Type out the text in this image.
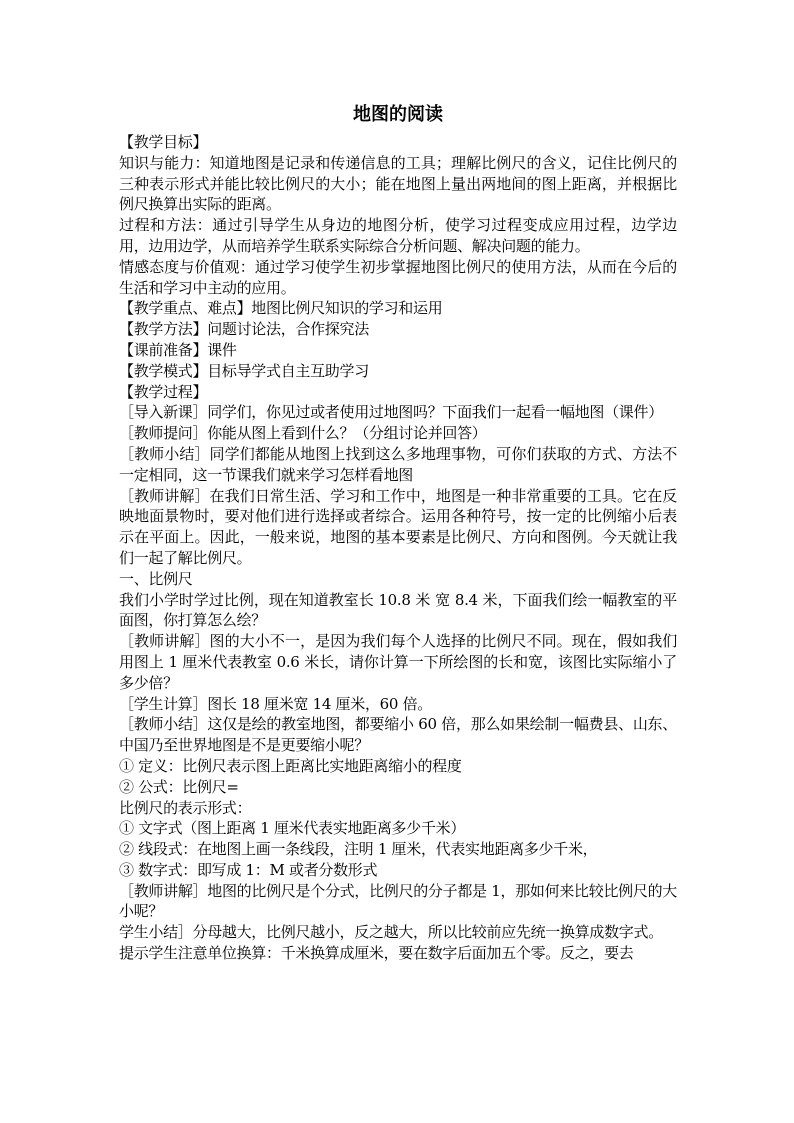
地图的阅读

【教学目标】

知识与能力：知道地图是记录和传递信息的工具；理解比例尺的含义，记住比例尺的三种表示形式并能比较比例尺的大小；能在地图上量出两地间的图上距离，并根据比例尺换算出实际的距离。

过程和方法：通过引导学生从身边的地图分析，使学习过程变成应用过程，边学边用，边用边学，从而培养学生联系实际综合分析问题、解决问题的能力。

情感态度与价值观：通过学习使学生初步掌握地图比例尺的使用方法，从而在今后的生活和学习中主动的应用。

【教学重点、难点】地图比例尺知识的学习和运用

【教学方法】问题讨论法，合作探究法

【课前准备】课件

【教学模式】目标导学式自主互助学习

【教学过程】

［导入新课］同学们，你见过或者使用过地图吗？下面我们一起看一幅地图（课件）

［教师提问］你能从图上看到什么？（分组讨论并回答）

［教师小结］同学们都能从地图上找到这么多地理事物，可你们获取的方式、方法不一定相同，这一节课我们就来学习怎样看地图

［教师讲解］在我们日常生活、学习和工作中，地图是一种非常重要的工具。它在反映地面景物时，要对他们进行选择或者综合。运用各种符号，按一定的比例缩小后表示在平面上。因此，一般来说，地图的基本要素是比例尺、方向和图例。今天就让我们一起了解比例尺。

一、比例尺

我们小学时学过比例，现在知道教室长 10.8 米 宽 8.4 米，下面我们绘一幅教室的平面图，你打算怎么绘？

［教师讲解］图的大小不一，是因为我们每个人选择的比例尺不同。现在，假如我们用图上 1 厘米代表教室 0.6 米长，请你计算一下所绘图的长和宽，该图比实际缩小了多少倍？

［学生计算］图长 18 厘米宽 14 厘米，60 倍。

［教师小结］这仅是绘的教室地图，都要缩小 60 倍，那么如果绘制一幅费县、山东、中国乃至世界地图是不是更要缩小呢？

① 定义：比例尺表示图上距离比实地距离缩小的程度

② 公式：比例尺=

比例尺的表示形式：

① 文字式（图上距离 1 厘米代表实地距离多少千米）

② 线段式：在地图上画一条线段，注明 1 厘米，代表实地距离多少千米，

③ 数字式：即写成 1：M 或者分数形式

［教师讲解］地图的比例尺是个分式，比例尺的分子都是 1，那如何来比较比例尺的大小呢？

学生小结］分母越大，比例尺越小，反之越大，所以比较前应先统一换算成数字式。

提示学生注意单位换算：千米换算成厘米，要在数字后面加五个零。反之，要去
